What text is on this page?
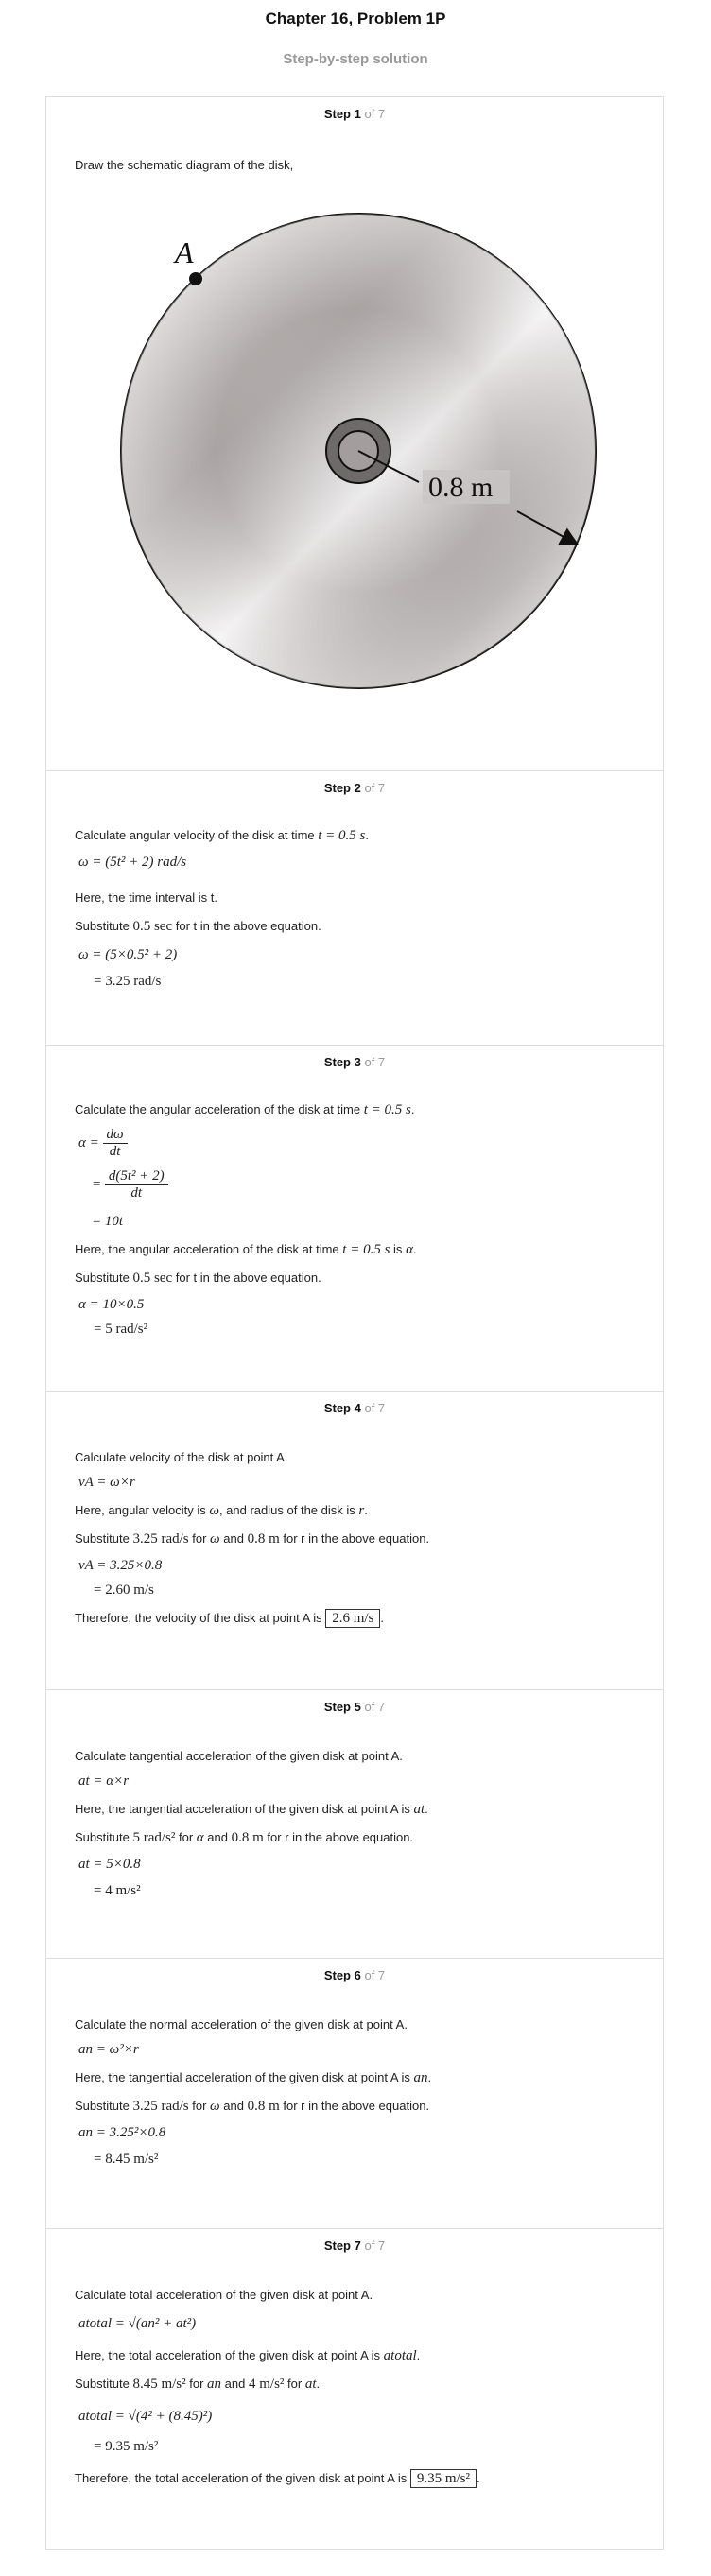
Chapter 16, Problem 1P
Step-by-step solution
Step 1 of 7
Draw the schematic diagram of the disk,
0.8 m
A
Step 2 of 7
Calculate angular velocity of the disk at time t = 0.5 s.
ω = (5t² + 2) rad/s
Here, the time interval is t.
Substitute 0.5 sec for t in the above equation.
ω = (5×0.5² + 2)
= 3.25 rad/s
Step 3 of 7
Calculate the angular acceleration of the disk at time t = 0.5 s.
$\alpha = \frac{d\omega}{dt}$
= $\frac{\text{d(5t² + 2)}}{dt}$
= 10t
Here, the angular acceleration of the disk at time t = 0.5 s is α.
Substitute 0.5 sec for t in the above equation.
α = 10×0.5
= 5 rad/s²
Step 4 of 7
Calculate velocity of the disk at point A.
vA = ω×r
Here, angular velocity is ω, and radius of the disk is r.
Substitute 3.25 rad/s for ω and 0.8 m for r in the above equation.
vA = 3.25×0.8
= 2.60 m/s
Therefore, the velocity of the disk at point A is 2.6 m/s .
Step 5 of 7
Calculate tangential acceleration of the given disk at point A.
at = α×r
Here, the tangential acceleration of the given disk at point A is at.
Substitute 5 rad/s² for α and 0.8 m for r in the above equation.
at = 5×0.8
= 4 m/s²
Step 6 of 7
Calculate the normal acceleration of the given disk at point A.
an = ω²×r
Here, the tangential acceleration of the given disk at point A is an.
Substitute 3.25 rad/s for ω and 0.8 m for r in the above equation.
an = 3.25²×0.8
= 8.45 m/s²
Step 7 of 7
Calculate total acceleration of the given disk at point A.
atotal = √(an² + at²)
Here, the total acceleration of the given disk at point A is atotal.
Substitute 8.45 m/s² for an and 4 m/s² for at.
atotal = √(4² + (8.45)²)
= 9.35 m/s²
Therefore, the total acceleration of the given disk at point A is 9.35 m/s² .
